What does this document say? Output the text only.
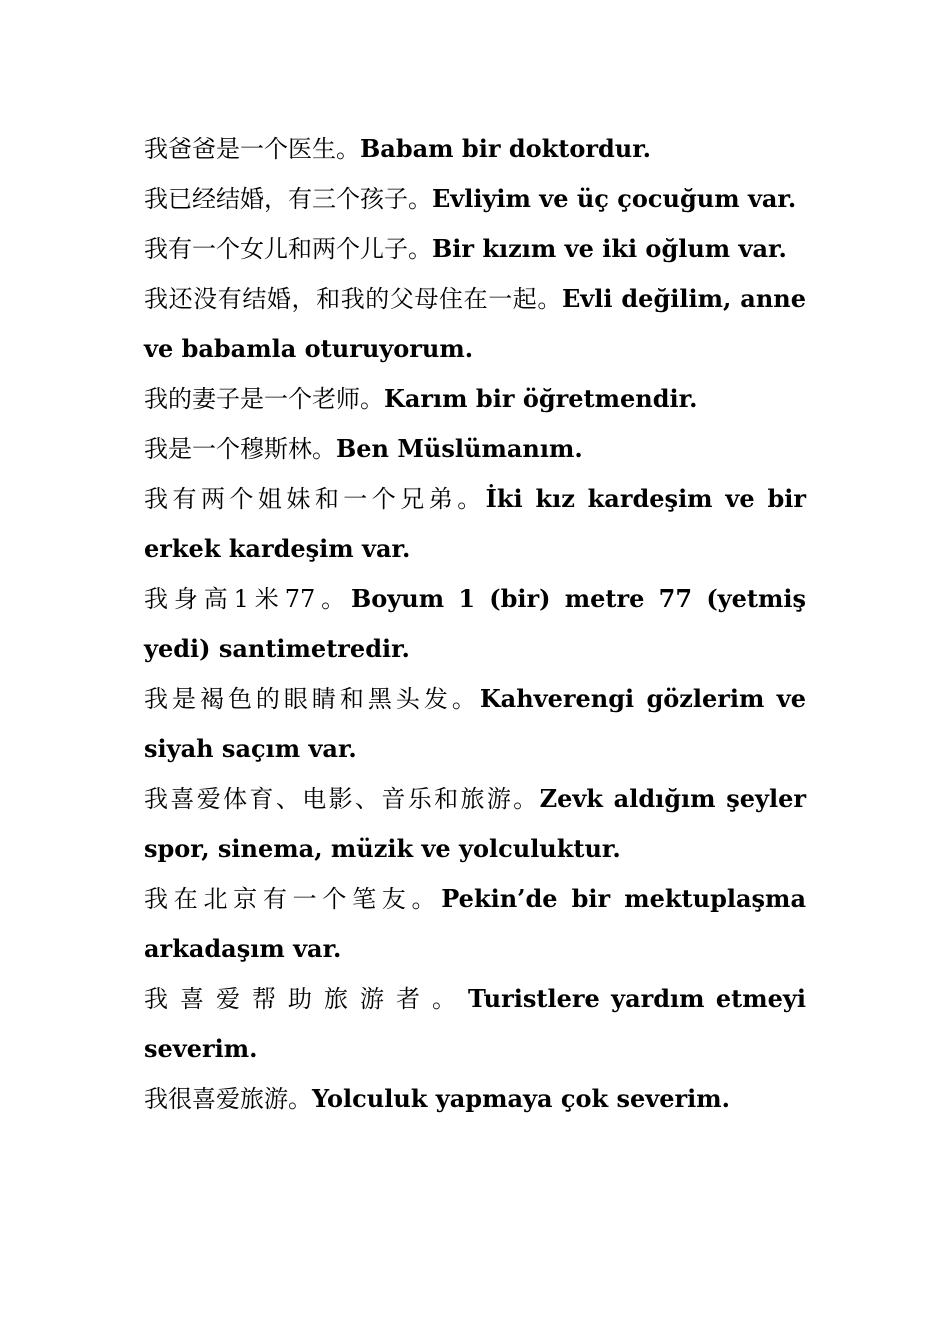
我爸爸是一个医生。Babam bir doktordur.

我已经结婚，有三个孩子。Evliyim ve üç çocuğum var.

我有一个女儿和两个儿子。Bir kızım ve iki oğlum var.

我还没有结婚，和我的父母住在一起。Evli değilim, anne ve babamla oturuyorum.

我的妻子是一个老师。Karım bir öğretmendir.

我是一个穆斯林。Ben Müslümanım.

我有两个姐妹和一个兄弟。İki kız kardeşim ve bir erkek kardeşim var.

我身高1米77。Boyum 1 (bir) metre 77 (yetmiş yedi) santimetredir.

我是褐色的眼睛和黑头发。Kahverengi gözlerim ve siyah saçım var.

我喜爱体育、电影、音乐和旅游。Zevk aldığım şeyler spor, sinema, müzik ve yolculuktur.

我在北京有一个笔友。Pekin’de bir mektuplaşma arkadaşım var.

我喜爱帮助旅游者。Turistlere yardım etmeyi severim.

我很喜爱旅游。Yolculuk yapmaya çok severim.
